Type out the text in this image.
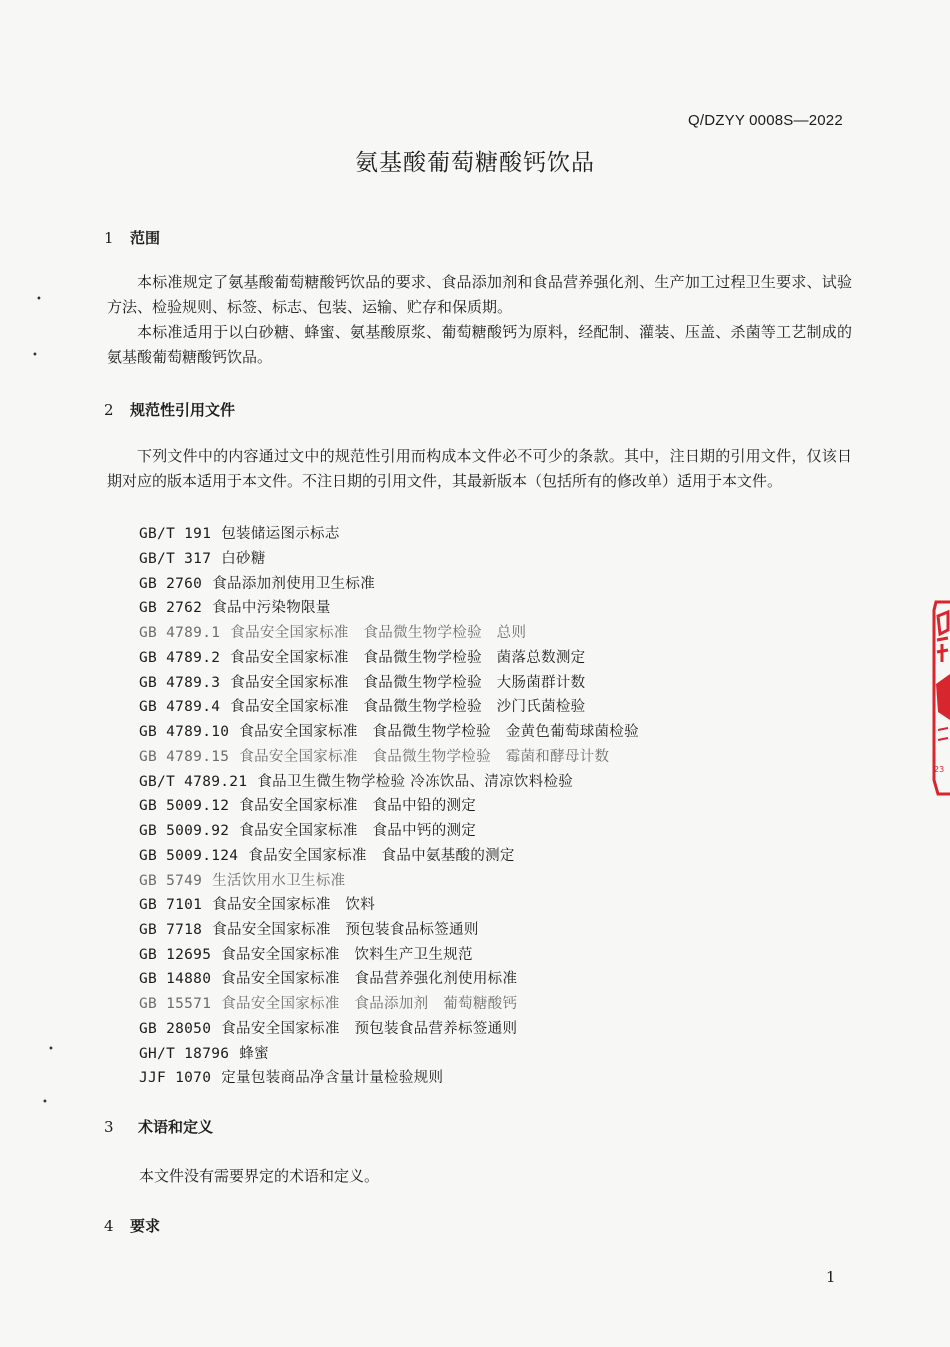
Q/DZYY 0008S—2022
氨基酸葡萄糖酸钙饮品
1 范围

本标准规定了氨基酸葡萄糖酸钙饮品的要求、食品添加剂和食品营养强化剂、生产加工过程卫生要求、试验方法、检验规则、标签、标志、包装、运输、贮存和保质期。

本标准适用于以白砂糖、蜂蜜、氨基酸原浆、葡萄糖酸钙为原料，经配制、灌装、压盖、杀菌等工艺制成的氨基酸葡萄糖酸钙饮品。

2 规范性引用文件

下列文件中的内容通过文中的规范性引用而构成本文件必不可少的条款。其中，注日期的引用文件，仅该日期对应的版本适用于本文件。不注日期的引用文件，其最新版本（包括所有的修改单）适用于本文件。

GB/T 191 包装储运图示标志
GB/T 317 白砂糖
GB 2760 食品添加剂使用卫生标准
GB 2762 食品中污染物限量
GB 4789.1 食品安全国家标准　食品微生物学检验　总则
GB 4789.2 食品安全国家标准　食品微生物学检验　菌落总数测定
GB 4789.3 食品安全国家标准　食品微生物学检验　大肠菌群计数
GB 4789.4 食品安全国家标准　食品微生物学检验　沙门氏菌检验
GB 4789.10 食品安全国家标准　食品微生物学检验　金黄色葡萄球菌检验
GB 4789.15 食品安全国家标准　食品微生物学检验　霉菌和酵母计数
GB/T 4789.21 食品卫生微生物学检验 冷冻饮品、清凉饮料检验
GB 5009.12 食品安全国家标准　食品中铅的测定
GB 5009.92 食品安全国家标准　食品中钙的测定
GB 5009.124 食品安全国家标准　食品中氨基酸的测定
GB 5749 生活饮用水卫生标准
GB 7101 食品安全国家标准　饮料
GB 7718 食品安全国家标准　预包装食品标签通则
GB 12695 食品安全国家标准　饮料生产卫生规范
GB 14880 食品安全国家标准　食品营养强化剂使用标准
GB 15571 食品安全国家标准　食品添加剂　葡萄糖酸钙
GB 28050 食品安全国家标准　预包装食品营养标签通则
GH/T 18796 蜂蜜
JJF 1070 定量包装商品净含量计量检验规则
3 术语和定义
本文件没有需要界定的术语和定义。
4 要求
1
•
•
•
•
23
